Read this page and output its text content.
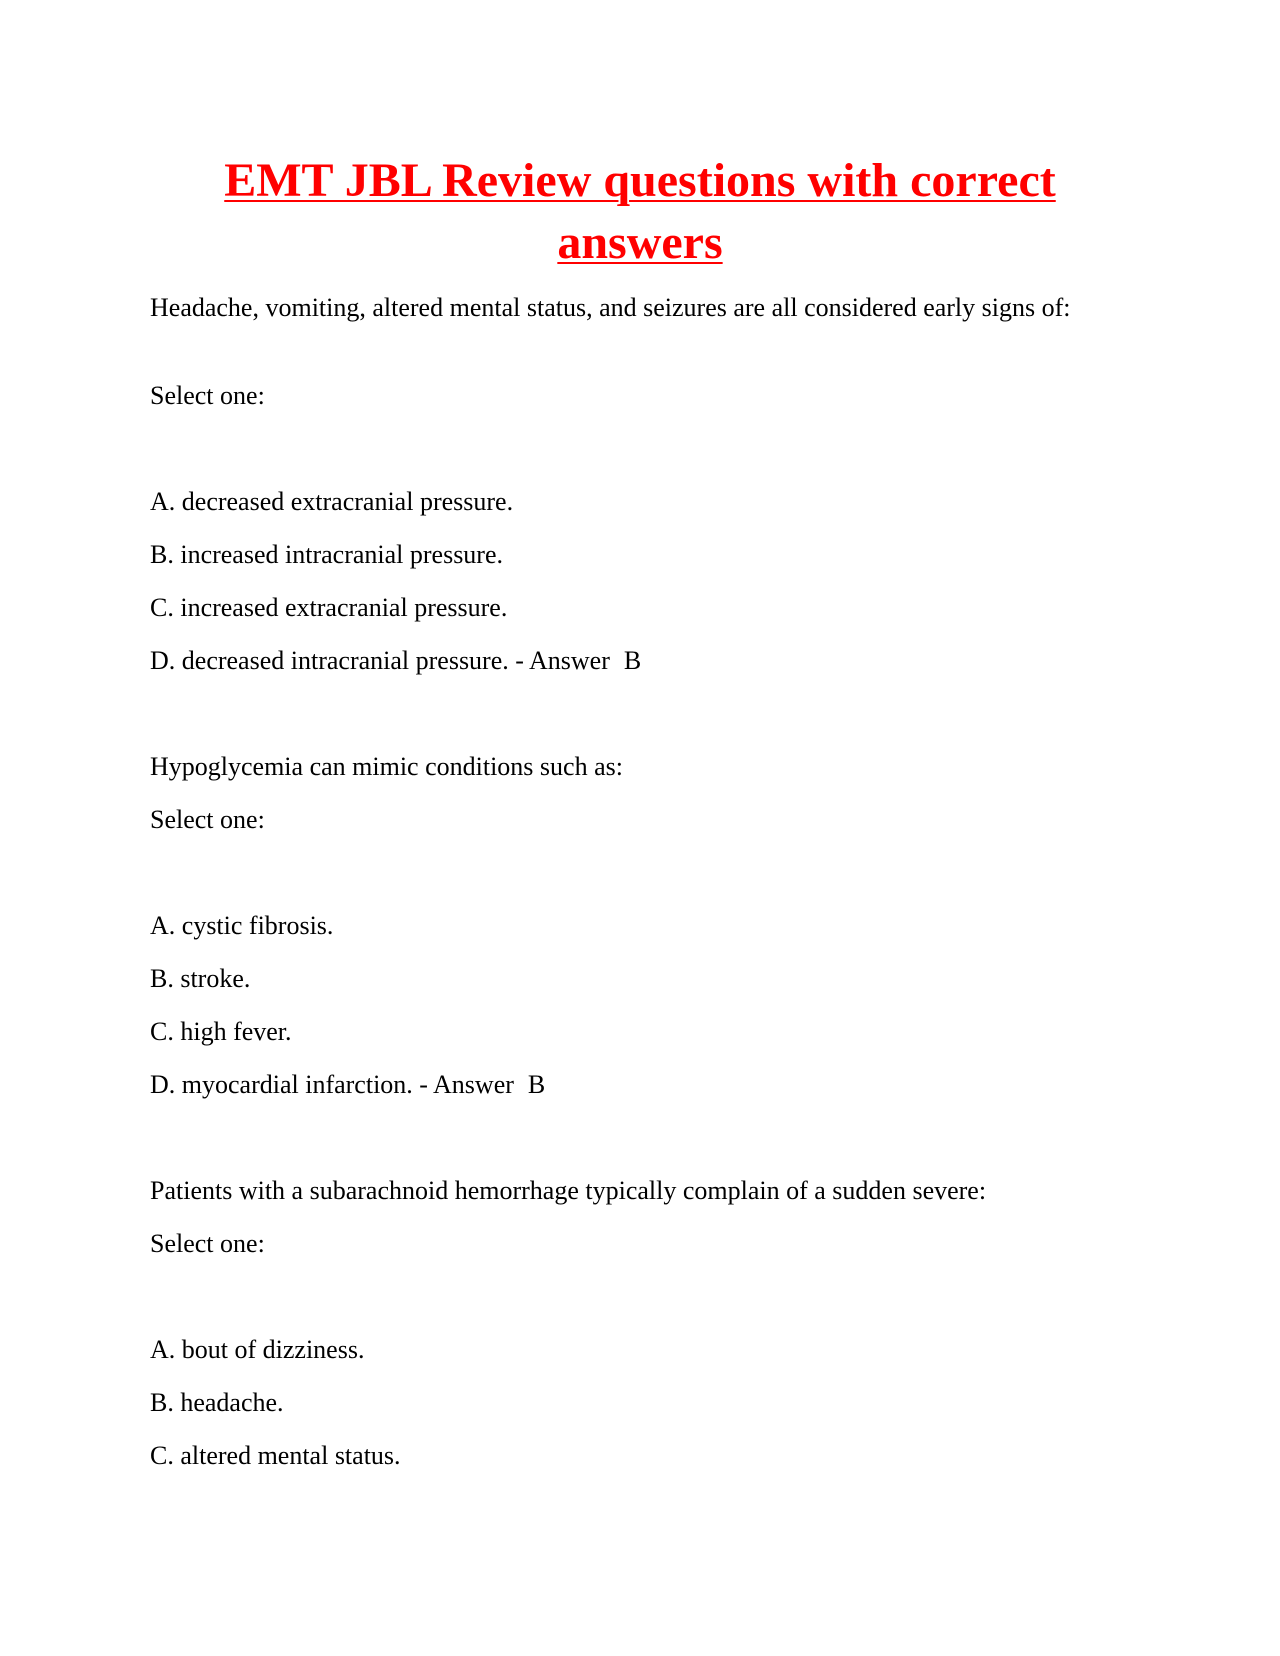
EMT JBL Review questions with correct answers

Headache, vomiting, altered mental status, and seizures are all considered early signs of:

Select one:

A. decreased extracranial pressure.

B. increased intracranial pressure.

C. increased extracranial pressure.

D. decreased intracranial pressure. - Answer B

Hypoglycemia can mimic conditions such as:

Select one:

A. cystic fibrosis.

B. stroke.

C. high fever.

D. myocardial infarction. - Answer B

Patients with a subarachnoid hemorrhage typically complain of a sudden severe:

Select one:

A. bout of dizziness.

B. headache.

C. altered mental status.
